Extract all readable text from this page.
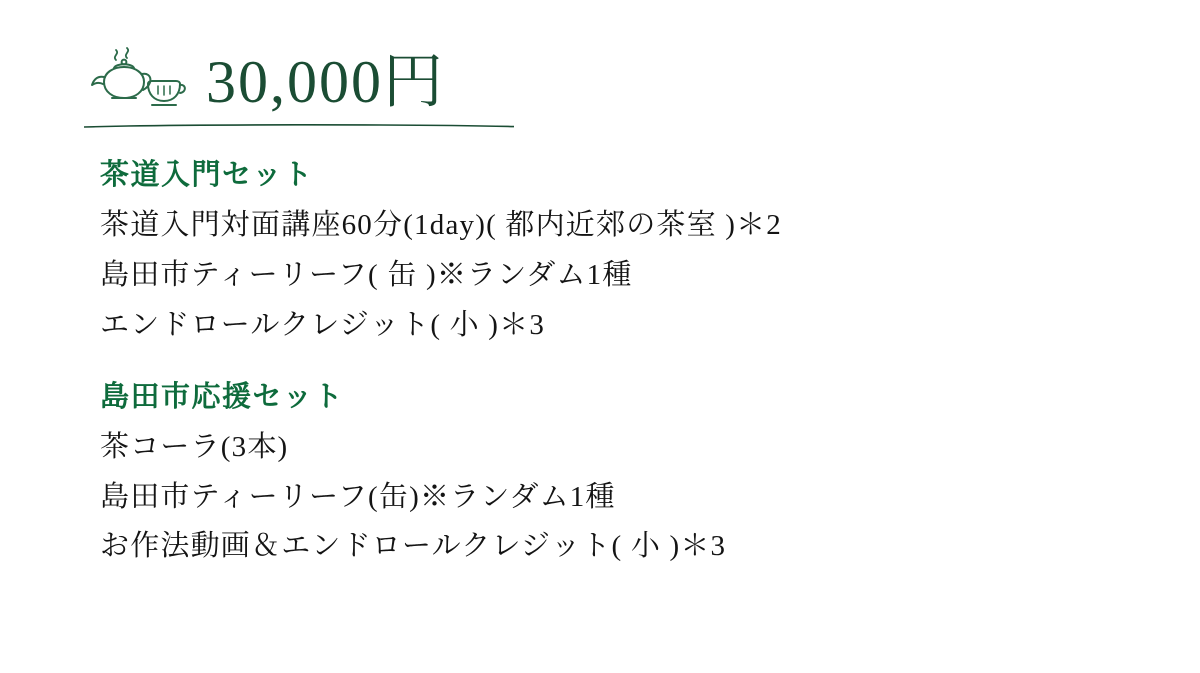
30,000円

茶道入門セット

茶道入門対面講座60分(1day)( 都内近郊の茶室 )＊2

島田市ティーリーフ( 缶 )※ランダム1種

エンドロールクレジット( 小 )＊3

島田市応援セット

茶コーラ(3本)

島田市ティーリーフ(缶)※ランダム1種

お作法動画＆エンドロールクレジット( 小 )＊3
